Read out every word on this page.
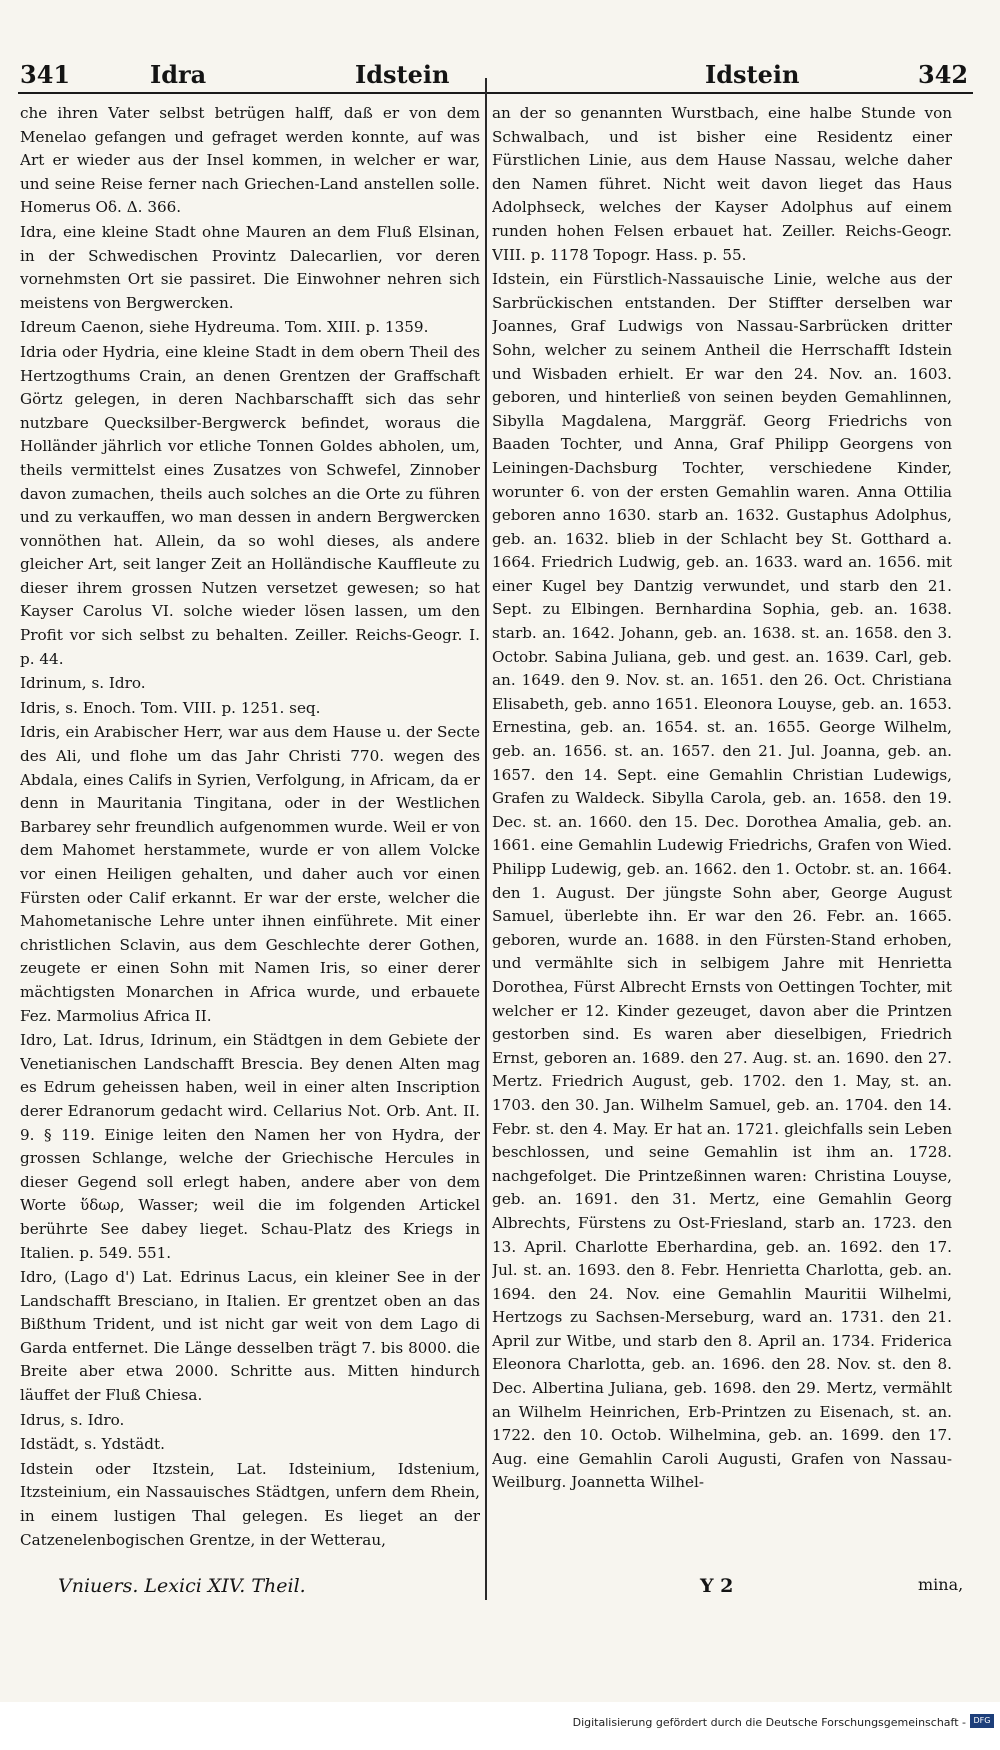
341	Idra	Idstein	Idstein	342

che ihren Vater selbst betrügen halff, daß er von dem Menelao gefangen und gefraget werden konnte, auf was Art er wieder aus der Insel kommen, in welcher er war, und seine Reise ferner nach Griechen-Land anstellen solle. Homerus Οδ. Δ. 366.

Idra, eine kleine Stadt ohne Mauren an dem Fluß Elsinan, in der Schwedischen Provintz Dalecarlien, vor deren vornehmsten Ort sie passiret. Die Einwohner nehren sich meistens von Bergwercken.

Idreum Caenon, siehe Hydreuma. Tom. XIII. p. 1359.

Idria oder Hydria, eine kleine Stadt in dem obern Theil des Hertzogthums Crain, an denen Grentzen der Graffschaft Görtz gelegen, in deren Nachbarschafft sich das sehr nutzbare Quecksilber-Bergwerck befindet, woraus die Holländer jährlich vor etliche Tonnen Goldes abholen, um, theils vermittelst eines Zusatzes von Schwefel, Zinnober davon zumachen, theils auch solches an die Orte zu führen und zu verkauffen, wo man dessen in andern Bergwercken vonnöthen hat. Allein, da so wohl dieses, als andere gleicher Art, seit langer Zeit an Holländische Kauffleute zu dieser ihrem grossen Nutzen versetzet gewesen; so hat Kayser Carolus VI. solche wieder lösen lassen, um den Profit vor sich selbst zu behalten. Zeiller. Reichs-Geogr. I. p. 44.

Idrinum, s. Idro.

Idris, s. Enoch. Tom. VIII. p. 1251. seq.

Idris, ein Arabischer Herr, war aus dem Hause u. der Secte des Ali, und flohe um das Jahr Christi 770. wegen des Abdala, eines Califs in Syrien, Verfolgung, in Africam, da er denn in Mauritania Tingitana, oder in der Westlichen Barbarey sehr freundlich aufgenommen wurde. Weil er von dem Mahomet herstammete, wurde er von allem Volcke vor einen Heiligen gehalten, und daher auch vor einen Fürsten oder Calif erkannt. Er war der erste, welcher die Mahometanische Lehre unter ihnen einführete. Mit einer christlichen Sclavin, aus dem Geschlechte derer Gothen, zeugete er einen Sohn mit Namen Iris, so einer derer mächtigsten Monarchen in Africa wurde, und erbauete Fez. Marmolius Africa II.

Idro, Lat. Idrus, Idrinum, ein Städtgen in dem Gebiete der Venetianischen Landschafft Brescia. Bey denen Alten mag es Edrum geheissen haben, weil in einer alten Inscription derer Edranorum gedacht wird. Cellarius Not. Orb. Ant. II. 9. § 119. Einige leiten den Namen her von Hydra, der grossen Schlange, welche der Griechische Hercules in dieser Gegend soll erlegt haben, andere aber von dem Worte ὕδωρ, Wasser; weil die im folgenden Artickel berührte See dabey lieget. Schau-Platz des Kriegs in Italien. p. 549. 551.

Idro, (Lago d') Lat. Edrinus Lacus, ein kleiner See in der Landschafft Bresciano, in Italien. Er grentzet oben an das Bißthum Trident, und ist nicht gar weit von dem Lago di Garda entfernet. Die Länge desselben trägt 7. bis 8000. die Breite aber etwa 2000. Schritte aus. Mitten hindurch läuffet der Fluß Chiesa.

Idrus, s. Idro.

Idstädt, s. Ydstädt.

Idstein oder Itzstein, Lat. Idsteinium, Idstenium, Itzsteinium, ein Nassauisches Städtgen, unfern dem Rhein, in einem lustigen Thal gelegen. Es lieget an der Catzenelenbogischen Grentze, in der Wetterau,

an der so genannten Wurstbach, eine halbe Stunde von Schwalbach, und ist bisher eine Residentz einer Fürstlichen Linie, aus dem Hause Nassau, welche daher den Namen führet. Nicht weit davon lieget das Haus Adolphseck, welches der Kayser Adolphus auf einem runden hohen Felsen erbauet hat. Zeiller. Reichs-Geogr. VIII. p. 1178 Topogr. Hass. p. 55.

Idstein, ein Fürstlich-Nassauische Linie, welche aus der Sarbrückischen entstanden. Der Stiffter derselben war Joannes, Graf Ludwigs von Nassau-Sarbrücken dritter Sohn, welcher zu seinem Antheil die Herrschafft Idstein und Wisbaden erhielt. Er war den 24. Nov. an. 1603. geboren, und hinterließ von seinen beyden Gemahlinnen, Sibylla Magdalena, Marggräf. Georg Friedrichs von Baaden Tochter, und Anna, Graf Philipp Georgens von Leiningen-Dachsburg Tochter, verschiedene Kinder, worunter 6. von der ersten Gemahlin waren. Anna Ottilia geboren anno 1630. starb an. 1632. Gustaphus Adolphus, geb. an. 1632. blieb in der Schlacht bey St. Gotthard a. 1664. Friedrich Ludwig, geb. an. 1633. ward an. 1656. mit einer Kugel bey Dantzig verwundet, und starb den 21. Sept. zu Elbingen. Bernhardina Sophia, geb. an. 1638. starb. an. 1642. Johann, geb. an. 1638. st. an. 1658. den 3. Octobr. Sabina Juliana, geb. und gest. an. 1639. Carl, geb. an. 1649. den 9. Nov. st. an. 1651. den 26. Oct. Christiana Elisabeth, geb. anno 1651. Eleonora Louyse, geb. an. 1653. Ernestina, geb. an. 1654. st. an. 1655. George Wilhelm, geb. an. 1656. st. an. 1657. den 21. Jul. Joanna, geb. an. 1657. den 14. Sept. eine Gemahlin Christian Ludewigs, Grafen zu Waldeck. Sibylla Carola, geb. an. 1658. den 19. Dec. st. an. 1660. den 15. Dec. Dorothea Amalia, geb. an. 1661. eine Gemahlin Ludewig Friedrichs, Grafen von Wied. Philipp Ludewig, geb. an. 1662. den 1. Octobr. st. an. 1664. den 1. August. Der jüngste Sohn aber, George August Samuel, überlebte ihn. Er war den 26. Febr. an. 1665. geboren, wurde an. 1688. in den Fürsten-Stand erhoben, und vermählte sich in selbigem Jahre mit Henrietta Dorothea, Fürst Albrecht Ernsts von Oettingen Tochter, mit welcher er 12. Kinder gezeuget, davon aber die Printzen gestorben sind. Es waren aber dieselbigen, Friedrich Ernst, geboren an. 1689. den 27. Aug. st. an. 1690. den 27. Mertz. Friedrich August, geb. 1702. den 1. May, st. an. 1703. den 30. Jan. Wilhelm Samuel, geb. an. 1704. den 14. Febr. st. den 4. May. Er hat an. 1721. gleichfalls sein Leben beschlossen, und seine Gemahlin ist ihm an. 1728. nachgefolget. Die Printzeßinnen waren: Christina Louyse, geb. an. 1691. den 31. Mertz, eine Gemahlin Georg Albrechts, Fürstens zu Ost-Friesland, starb an. 1723. den 13. April. Charlotte Eberhardina, geb. an. 1692. den 17. Jul. st. an. 1693. den 8. Febr. Henrietta Charlotta, geb. an. 1694. den 24. Nov. eine Gemahlin Mauritii Wilhelmi, Hertzogs zu Sachsen-Merseburg, ward an. 1731. den 21. April zur Witbe, und starb den 8. April an. 1734. Friderica Eleonora Charlotta, geb. an. 1696. den 28. Nov. st. den 8. Dec. Albertina Juliana, geb. 1698. den 29. Mertz, vermählt an Wilhelm Heinrichen, Erb-Printzen zu Eisenach, st. an. 1722. den 10. Octob. Wilhelmina, geb. an. 1699. den 17. Aug. eine Gemahlin Caroli Augusti, Grafen von Nassau-Weilburg. Joannetta Wilhel-

Vniuers. Lexici XIV. Theil.	Y 2	mina,
Digitalisierung gefördert durch die Deutsche Forschungsgemeinschaft - DFG
